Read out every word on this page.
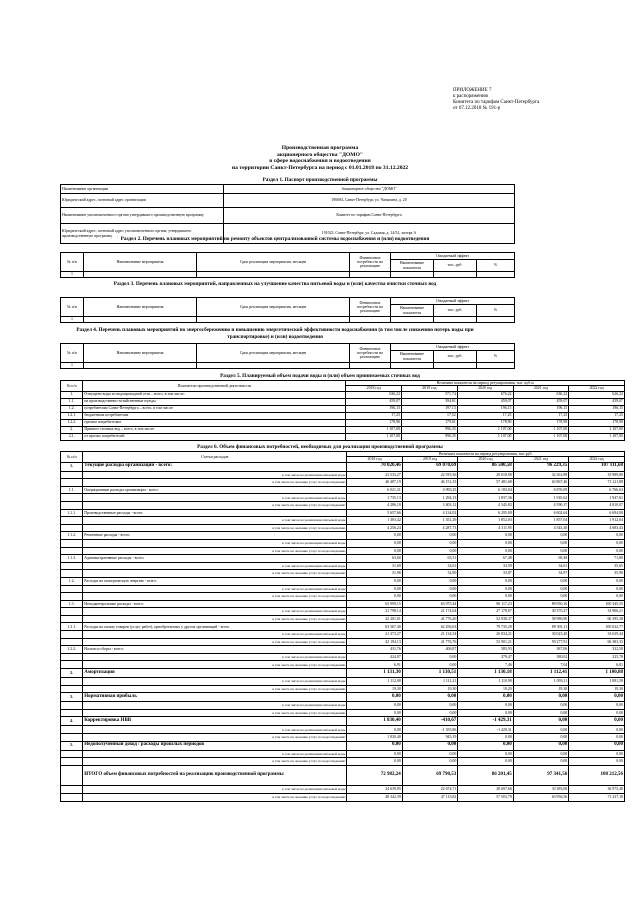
ПРИЛОЖЕНИЕ 7
к распоряжению
Комитета по тарифам Санкт-Петербурга
от 07.12.2018 № 191-р
Производственная программа
акционерного общества "ДОМО"
в сфере водоснабжения и водоотведения
на территории Санкт-Петербурга на период с 01.01.2018 по 31.12.2022
Раздел 1. Паспорт производственной программы
Наименование организации	Акционерное общество "ДОМО"
Юридический адрес, почтовый адрес организации	196084, Санкт-Петербург, ул. Чапыгина, д. 20
Наименование уполномоченного органа утвердившего производственную программу	Комитет по тарифам Санкт-Петербурга
Юридический адрес, почтовый адрес уполномоченного органа, утвердившего производственную программу	191023, Санкт-Петербург, ул. Садовая, д. 14/52, литера А
Раздел 2. Перечень плановых мероприятий по ремонту объектов централизованной системы водоснабжения и (или) водоотведения
№ п/п	Наименование мероприятия	Срок реализации мероприятия, месяцев	Финансовые потребности на реализацию	Ожидаемый эффект		
				Наименование показателя	тыс. руб.	%
1						
Раздел 3. Перечень плановых мероприятий, направленных на улучшение качества питьевой воды и (или) качества очистки сточных вод
№ п/п	Наименование мероприятия	Срок реализации мероприятия, месяцев	Финансовые потребности на реализацию	Ожидаемый эффект		
				Наименование показателя	тыс. руб.	%
1						
Раздел 4. Перечень плановых мероприятий по энергосбережению и повышению энергетической эффективности водоснабжения (в том числе снижению потерь воды при транспортировке) и (или) водоотведения
№ п/п	Наименование мероприятия	Срок реализации мероприятия, месяцев	Финансовые потребности на реализацию	Ожидаемый эффект		
				Наименование показателя	тыс. руб.	%
1						
Раздел 5. Планируемый объем подачи воды и (или) объем принимаемых сточных вод
№ п/п	Показатели производственной деятельности	Величина показателя на период регулирования, тыс. куб.м				
		2018 год	2019 год	2020 год	2021 год	2022 год
1.	Отпущено воды из водопроводной сети – всего, в том числе:	636,22	571,74	676,22	636,22	626,22
1.1.	на производственно-хозяйственные нужды	459,07	394,61	459,07	459,07	459,07
1.2.	потребителям Санкт-Петербурга – всего, в том числе:	196,15	197,13	196,15	196,15	196,15
1.2.1.	бюджетным потребителям	17,25	17,52	17,25	17,25	17,25
1.2.2.	прочим потребителям	178,90	179,61	178,90	178,90	178,90
2.	Принято сточных вод – всего, в том числе:	1 107,00	996,35	1 107,00	1 107,00	1 107,00
2.1.	от прочих потребителей	1 107,00	996,35	1 107,00	1 107,00	1 107,00
Раздел 6. Объем финансовых потребностей, необходимых для реализации производственной программы
№ п/п	Статьи расходов	Величина показателя на период регулирования, тыс.руб.				
		2018 год	2019 год	2020 год	2021 год	2022 год
1.	Текущие расходы организации - всего:	70 020,46	69 070,69	86 500,58	96 229,35	107 111,68
	в том числе на реализацию питьевой воды	23 533,27	22 919,36	29 018,90	32 361,89	35 989,80
	в том числе на оказание услуг по водоотведению	46 487,19	46 151,33	57 481,68	63 867,46	71 121,88
1.1.	Операционные расходы организации - всего:	6 021,31	4 995,25	6 183,04	6 876,09	6 766,63
	в том числе на реализацию питьевой воды	1 735,13	1 294,13	1 837,36	1 910,62	1 947,61
	в том числе на оказание услуг по водоотведению	4 286,18	3 403,12	4 345,82	4 590,37	4 810,07
1.1.1.	Производственные расходы - всего:	5 657,66	4 134,02	6 295,00	6 602,64	6 694,00
	в том числе на реализацию питьевой воды	1 303,42	1 351,29	1 852,03	1 857,04	1 912,04
	в том числе на оказание услуг по водоотведению	4 256,24	4 287,73	4 311,95	4 543,30	4 683,43
1.1.2.	Ремонтные расходы - всего:	0,00	0,00	0,00	0,00	0,00
	в том числе на реализацию питьевой воды	0,00	0,00	0,00	0,00	0,00
	в том числе на оказание услуг по водоотведению	0,00	0,00	0,00	0,00	0,00
1.1.3.	Административные расходы - всего:	63,60	65,51	67,48	69,48	71,80
	в том числе на реализацию питьевой воды	31,69	32,61	33,59	34,61	35,65
	в том числе на оказание услуг по водоотведению	31,96	32,90	33,87	34,87	35,90
1.2.	Расходы на электрическую энергию - всего:	0,00	0,00	0,00	0,00	0,00
	в том числе на реализацию питьевой воды	0,00	0,00	0,00	0,00	0,00
	в том числе на оказание услуг по водоотведению	0,00	0,00	0,00	0,00	0,00
1.3.	Неподконтрольные расходы - всего:	63 999,15	63 075,44	80 117,23	89 050,16	100 345,35
	в том числе на реализацию питьевой воды	21 798,14	21 174,64	27 178,87	30 370,27	33 966,21
	в том числе на оказание услуг по водоотведению	42 201,01	41 776,20	52 938,37	58 986,90	66 395,38
1.3.1.	Расходы на оплату товаров (услуг, работ), приобретаемых у других организаций - всего	63 567,40	62 256,63	79 735,29	89 301,11	100 022,77
	в том числе на реализацию питьевой воды	21 373,27	21 134,54	26 834,21	30 023,20	33 639,44
	в том числе на оказание услуг по водоотведению	42 194,13	41 776,76	52 901,21	59 277,91	66 383,33
1.3.2.	Налоги и сборы - всего:	431,76	406,87	385,93	387,06	332,58
	в том числе на реализацию питьевой воды	424,87	0,00	379,47	380,02	325,78
	в том числе на оказание услуг по водоотведению	6,91	0,00	7,46	7,04	6,81
2.	Амортизация	1 131,30	1 130,51	1 130,18	1 112,41	1 100,88
	в том числе на реализацию питьевой воды	1 112,08	1 111,21	1 110,98	1 093,11	1 081,58
	в том числе на оказание услуг по водоотведению	19,30	19,30	19,20	19,30	19,30
3.	Нормативная прибыль	0,00	0,00	0,00	0,00	0,00
	в том числе на реализацию питьевой воды	0,00	0,00	0,00	0,00	0,00
	в том числе на оказание услуг по водоотведению	0,00	0,00	0,00	0,00	0,00
4.	Корректировка НВВ	1 830,40	-410,67	-1 429,31	0,00	0,00
	в том числе на реализацию питьевой воды	0,00	-1 355,86	-1 429,31	0,00	0,00
	в том числе на оказание услуг по водоотведению	1 830,40	945,19	0,00	0,00	0,00
5.	Недополученный доход / расходы прошлых периодов	0,00	0,00	0,00	0,00	0,00
	в том числе на реализацию питьевой воды	0,00	0,00	0,00	0,00	0,00
	в том числе на оказание услуг по водоотведению	0,00	0,00	0,00	0,00	0,00
	ИТОГО объем финансовых потребностей на реализацию производственной программы	72 982,24	69 790,53	86 201,45	97 341,56	108 212,56
	в том числе на реализацию питьевой воды	24 639,85	22 674,71	28 697,66	33 385,00	36 975,48
	в том числе на оказание услуг по водоотведению	48 342,39	47 115,82	57 503,79	63 956,56	71 237,18
